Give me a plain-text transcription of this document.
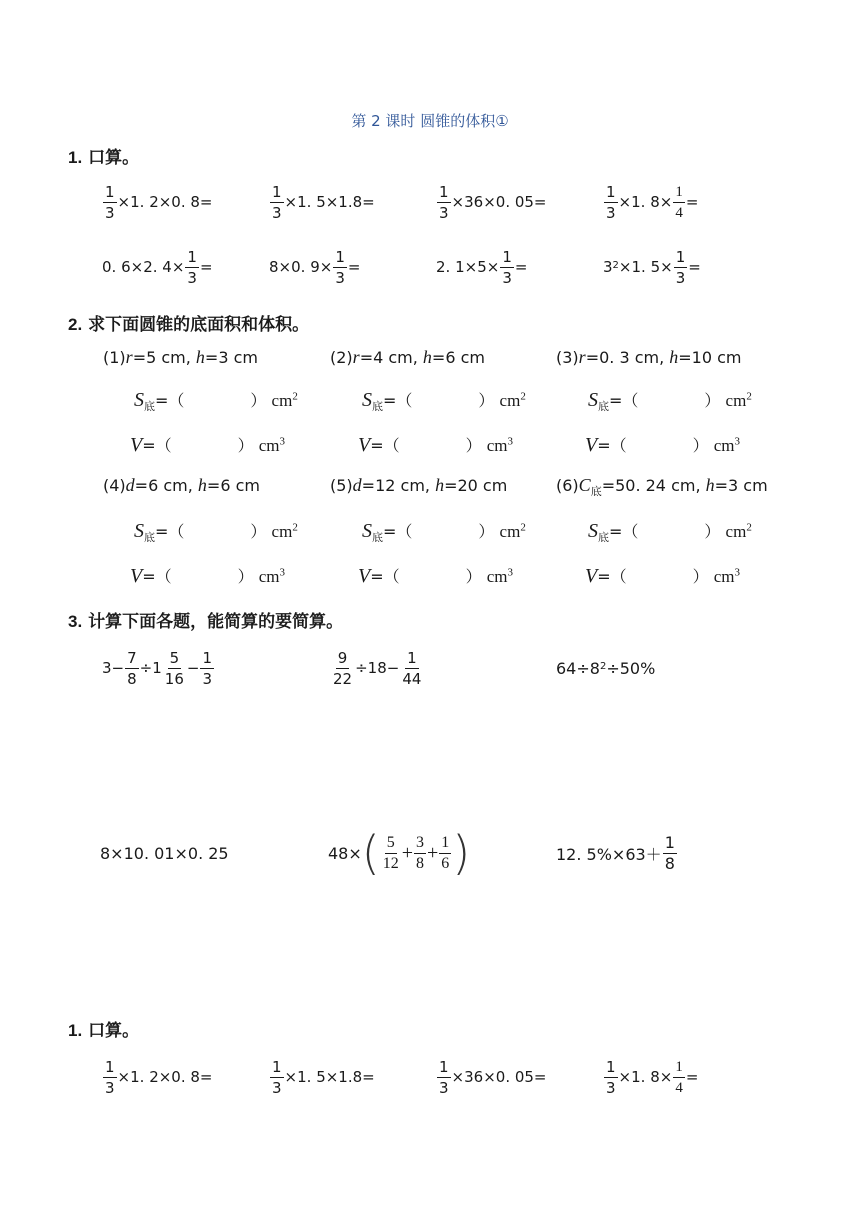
第 2 课时 圆锥的体积①
1. 口算。
$\frac{1}{3} \times 1$. 2×0. 8=	$\frac{1}{3} \times 1$. 5×1.8=	$\frac{1}{3} \times 36\times 0$. 05=	$\frac{1}{3} \times 1$. $8\times \frac{1}{4}$ =
0. 6×2. $4\times \frac{1}{3}$ =	8×0. $9\times \frac{1}{3}$ =	2. $1\times 5\times \frac{1}{3}$ =	3 2 ×1. $5\times \frac{1}{3}$ =
2. 求下面圆锥的底面积和体积。
(1)r=5 cm, h=3 cm	(2)r=4 cm, h=6 cm	(3)r=0. 3 cm, h=10 cm
$S_底=$（	） $cm^2$	$S_底=$（	） $cm^2$	$S_底=$（	） $cm^2$
V=（	） $cm^3$	V=（	） $cm^3$	V=（	） $cm^3$
(4)d=6 cm, h=6 cm	(5)d=12 cm, h=20 cm	$(6)C_底=50$. 24 cm, h=3 cm
$S_底=$（	） $cm^2$	$S_底=$（	） $cm^2$	$S_底=$（	） $cm^2$
V=（	） $cm^3$	V=（	） $cm^3$	V=（	） $cm^3$
3. 计算下面各题，能简算的要简算。
$3- \frac{7}{8} \div 1 \frac{5}{16} - \frac{1}{3}$	$\frac{9}{22} \div 18- \frac{1}{44}$	64÷8 2 ÷50%
8×10. 01×0. 25	48× ( $\frac{5}{12} + \frac{3}{8} + \frac{1}{6}$ )	12. $5\%\times 63+ \frac{1}{8}$
1. 口算。
$\frac{1}{3} \times 1$. 2×0. 8=	$\frac{1}{3} \times 1$. 5×1.8=	$\frac{1}{3} \times 36\times 0$. 05=	$\frac{1}{3} \times 1$. $8\times \frac{1}{4}$ =
